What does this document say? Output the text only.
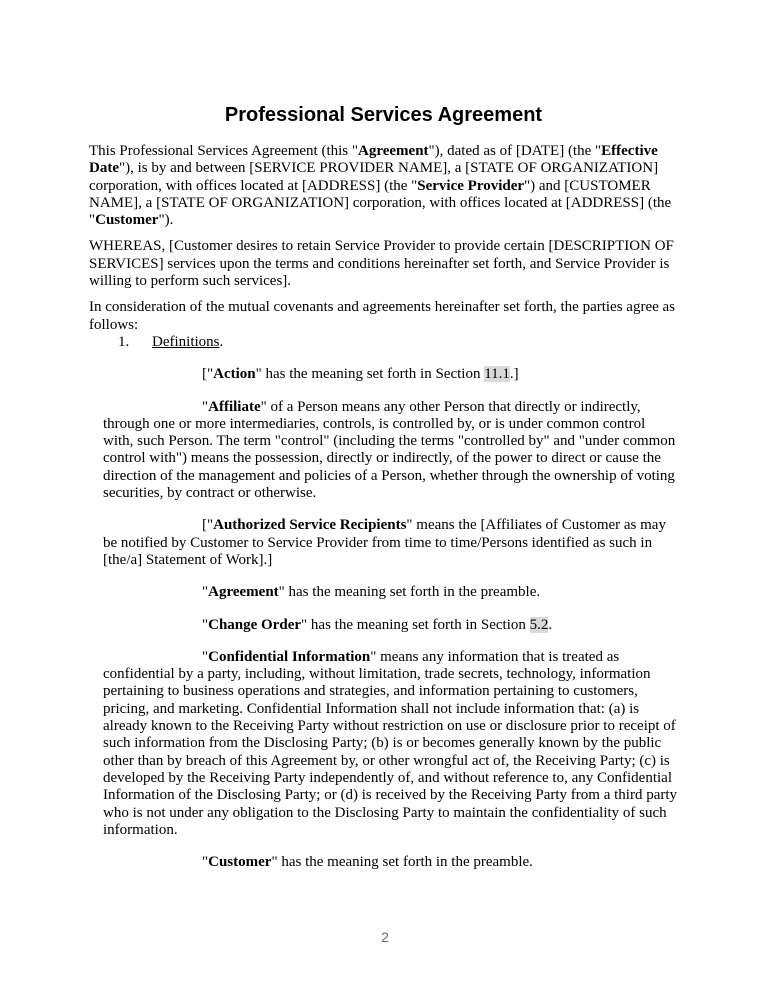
Professional Services Agreement
This Professional Services Agreement (this "Agreement"), dated as of [DATE] (the "Effective Date"), is by and between [SERVICE PROVIDER NAME], a [STATE OF ORGANIZATION] corporation, with offices located at [ADDRESS] (the "Service Provider") and [CUSTOMER NAME], a [STATE OF ORGANIZATION] corporation, with offices located at [ADDRESS] (the "Customer").
WHEREAS, [Customer desires to retain Service Provider to provide certain [DESCRIPTION OF SERVICES] services upon the terms and conditions hereinafter set forth, and Service Provider is willing to perform such services].
In consideration of the mutual covenants and agreements hereinafter set forth, the parties agree as follows:
1. Definitions.
["Action" has the meaning set forth in Section 11.1.]
"Affiliate" of a Person means any other Person that directly or indirectly, through one or more intermediaries, controls, is controlled by, or is under common control with, such Person. The term "control" (including the terms "controlled by" and "under common control with") means the possession, directly or indirectly, of the power to direct or cause the direction of the management and policies of a Person, whether through the ownership of voting securities, by contract or otherwise.
["Authorized Service Recipients" means the [Affiliates of Customer as may be notified by Customer to Service Provider from time to time/Persons identified as such in [the/a] Statement of Work].]
"Agreement" has the meaning set forth in the preamble.
"Change Order" has the meaning set forth in Section 5.2.
"Confidential Information" means any information that is treated as confidential by a party, including, without limitation, trade secrets, technology, information pertaining to business operations and strategies, and information pertaining to customers, pricing, and marketing. Confidential Information shall not include information that: (a) is already known to the Receiving Party without restriction on use or disclosure prior to receipt of such information from the Disclosing Party; (b) is or becomes generally known by the public other than by breach of this Agreement by, or other wrongful act of, the Receiving Party; (c) is developed by the Receiving Party independently of, and without reference to, any Confidential Information of the Disclosing Party; or (d) is received by the Receiving Party from a third party who is not under any obligation to the Disclosing Party to maintain the confidentiality of such information.
"Customer" has the meaning set forth in the preamble.
2
